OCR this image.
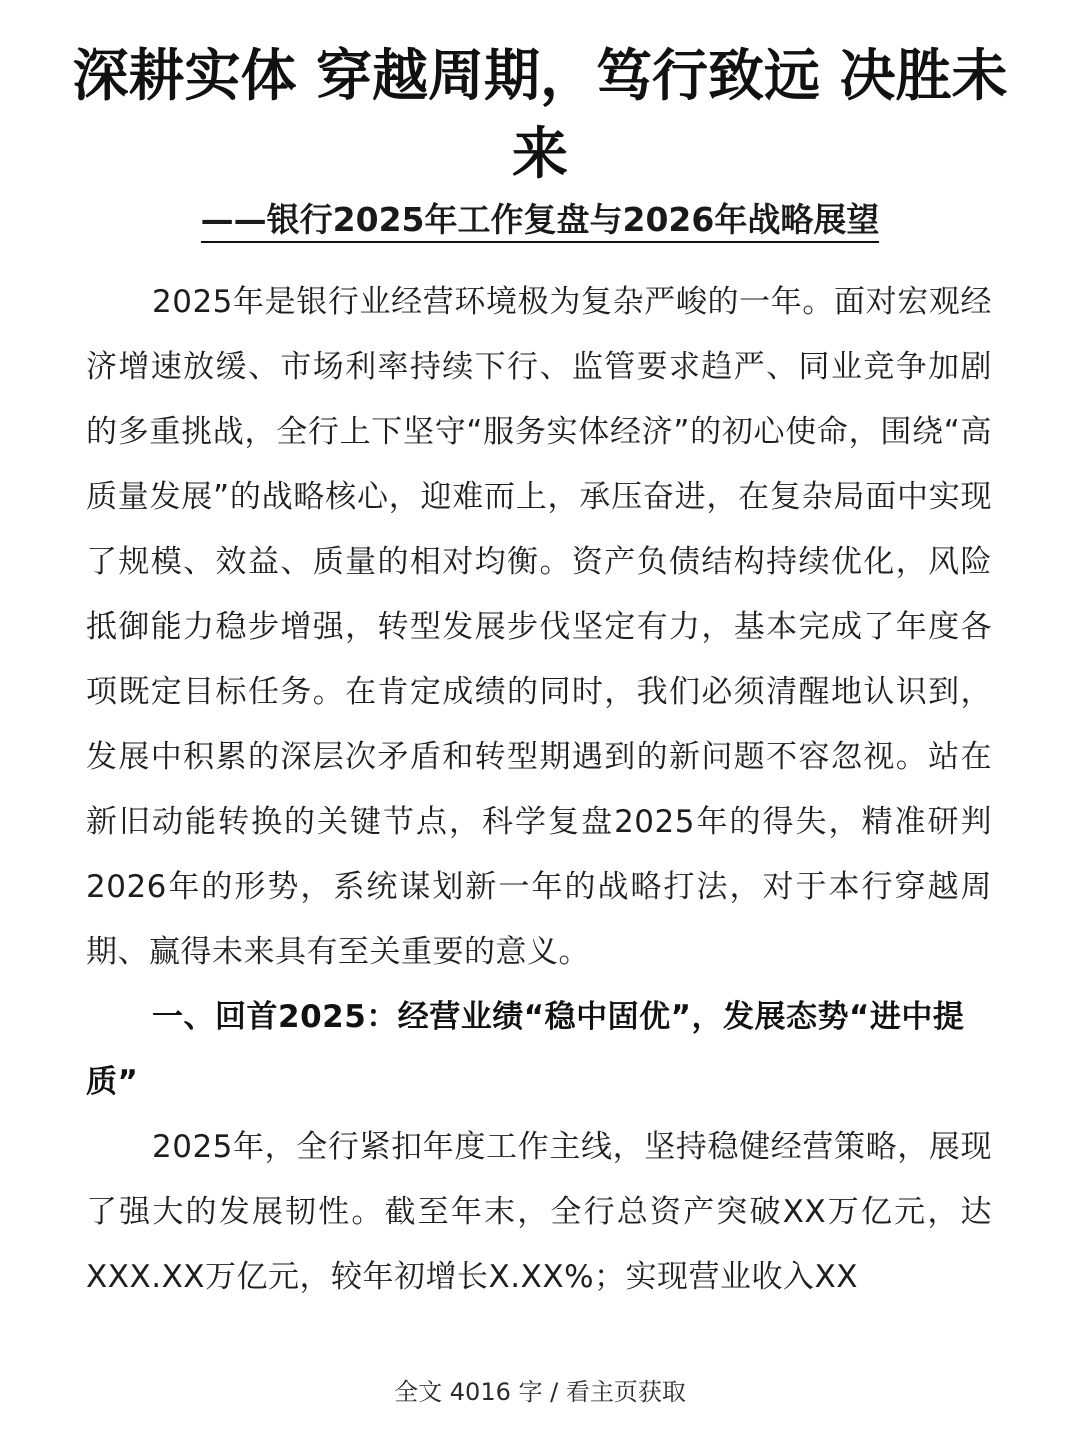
深耕实体 穿越周期，笃行致远 决胜未来
——银行2025年工作复盘与2026年战略展望

2025年是银行业经营环境极为复杂严峻的一年。面对宏观经济增速放缓、市场利率持续下行、监管要求趋严、同业竞争加剧的多重挑战，全行上下坚守“服务实体经济”的初心使命，围绕“高质量发展”的战略核心，迎难而上，承压奋进，在复杂局面中实现了规模、效益、质量的相对均衡。资产负债结构持续优化，风险抵御能力稳步增强，转型发展步伐坚定有力，基本完成了年度各项既定目标任务。在肯定成绩的同时，我们必须清醒地认识到，发展中积累的深层次矛盾和转型期遇到的新问题不容忽视。站在新旧动能转换的关键节点，科学复盘2025年的得失，精准研判2026年的形势，系统谋划新一年的战略打法，对于本行穿越周期、赢得未来具有至关重要的意义。

一、回首2025：经营业绩“稳中固优”，发展态势“进中提质”

2025年，全行紧扣年度工作主线，坚持稳健经营策略，展现了强大的发展韧性。截至年末，全行总资产突破XX万亿元，达XXX.XX万亿元，较年初增长X.XX%；实现营业收入XX

全文 4016 字 / 看主页获取
